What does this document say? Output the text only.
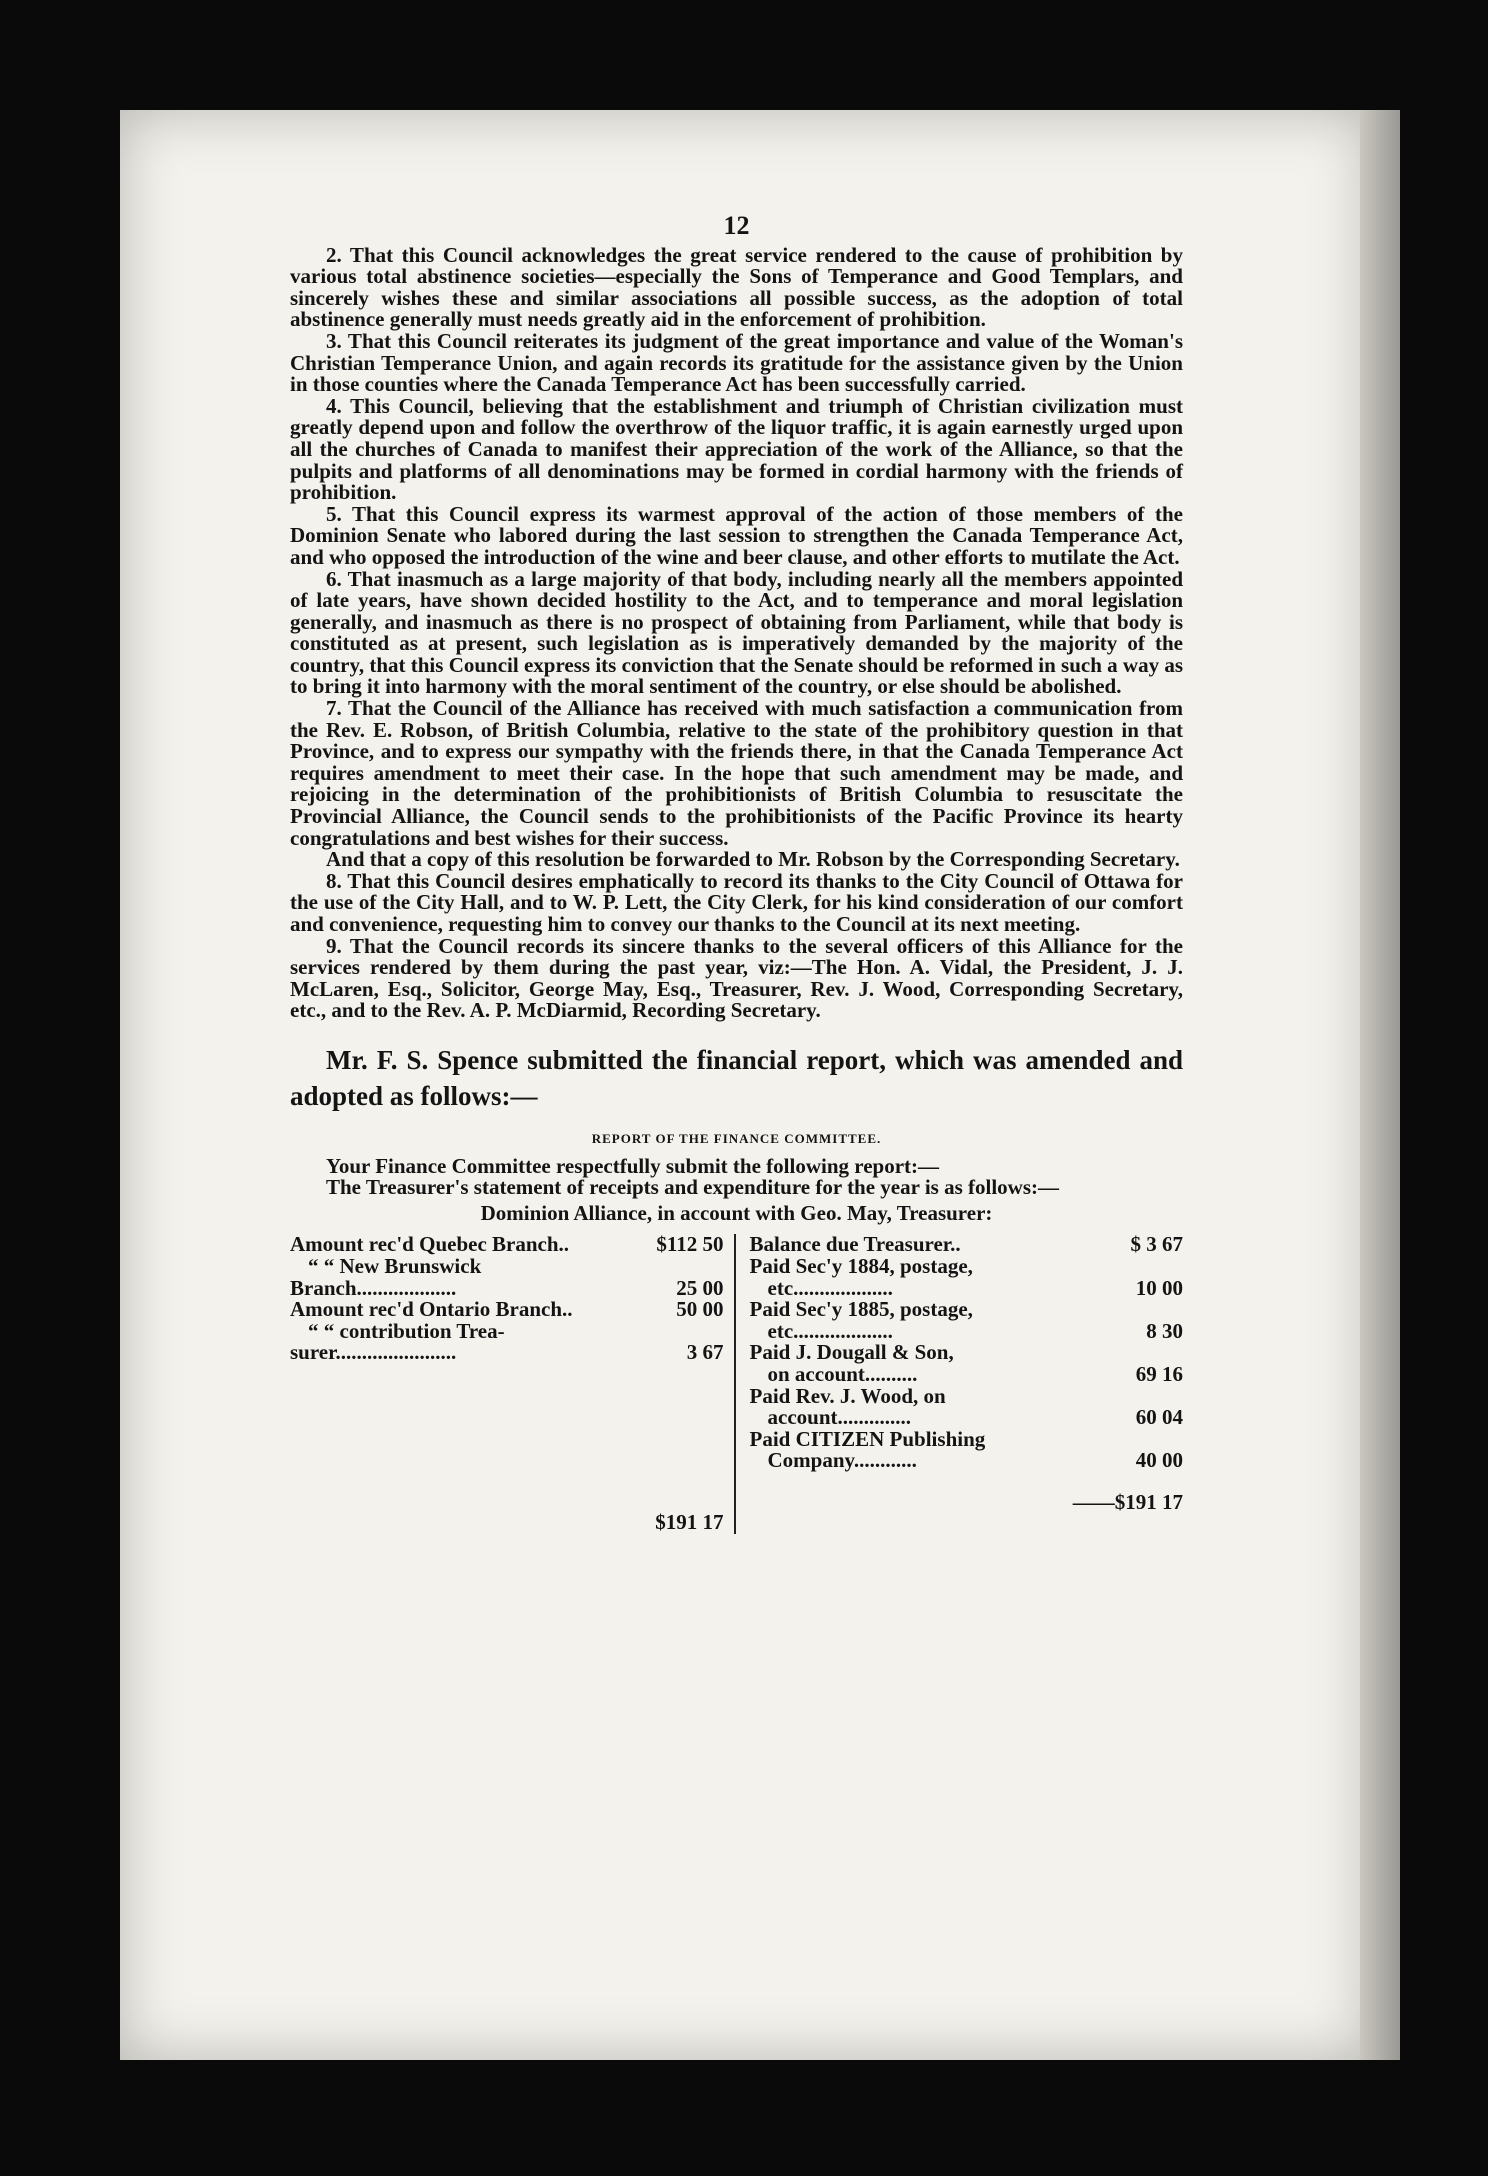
12

2. That this Council acknowledges the great service rendered to the cause of prohibition by various total abstinence societies—especially the Sons of Temperance and Good Templars, and sincerely wishes these and similar associations all possible success, as the adoption of total abstinence generally must needs greatly aid in the enforcement of prohibition.

3. That this Council reiterates its judgment of the great importance and value of the Woman's Christian Temperance Union, and again records its gratitude for the assistance given by the Union in those counties where the Canada Temperance Act has been successfully carried.

4. This Council, believing that the establishment and triumph of Christian civilization must greatly depend upon and follow the overthrow of the liquor traffic, it is again earnestly urged upon all the churches of Canada to manifest their appreciation of the work of the Alliance, so that the pulpits and platforms of all denominations may be formed in cordial harmony with the friends of prohibition.

5. That this Council express its warmest approval of the action of those members of the Dominion Senate who labored during the last session to strengthen the Canada Temperance Act, and who opposed the introduction of the wine and beer clause, and other efforts to mutilate the Act.

6. That inasmuch as a large majority of that body, including nearly all the members appointed of late years, have shown decided hostility to the Act, and to temperance and moral legislation generally, and inasmuch as there is no prospect of obtaining from Parliament, while that body is constituted as at present, such legislation as is imperatively demanded by the majority of the country, that this Council express its conviction that the Senate should be reformed in such a way as to bring it into harmony with the moral sentiment of the country, or else should be abolished.

7. That the Council of the Alliance has received with much satisfaction a communication from the Rev. E. Robson, of British Columbia, relative to the state of the prohibitory question in that Province, and to express our sympathy with the friends there, in that the Canada Temperance Act requires amendment to meet their case. In the hope that such amendment may be made, and rejoicing in the determination of the prohibitionists of British Columbia to resuscitate the Provincial Alliance, the Council sends to the prohibitionists of the Pacific Province its hearty congratulations and best wishes for their success.

And that a copy of this resolution be forwarded to Mr. Robson by the Corresponding Secretary.

8. That this Council desires emphatically to record its thanks to the City Council of Ottawa for the use of the City Hall, and to W. P. Lett, the City Clerk, for his kind consideration of our comfort and convenience, requesting him to convey our thanks to the Council at its next meeting.

9. That the Council records its sincere thanks to the several officers of this Alliance for the services rendered by them during the past year, viz:—The Hon. A. Vidal, the President, J. J. McLaren, Esq., Solicitor, George May, Esq., Treasurer, Rev. J. Wood, Corresponding Secretary, etc., and to the Rev. A. P. McDiarmid, Recording Secretary.

Mr. F. S. Spence submitted the financial report, which was amended and adopted as follows:—

REPORT OF THE FINANCE COMMITTEE.

Your Finance Committee respectfully submit the following report:—

The Treasurer's statement of receipts and expenditure for the year is as follows:—

Dominion Alliance, in account with Geo. May, Treasurer:
Amount rec'd Quebec Branch..	$112 50
“ “ New Brunswick
Branch...................	25 00
Amount rec'd Ontario Branch..	50 00
“ “ contribution Trea-
surer.......................	3 67
$191 17
Balance due Treasurer..	$ 3 67
Paid Sec'y 1884, postage,
etc...................	10 00
Paid Sec'y 1885, postage,
etc...................	8 30
Paid J. Dougall & Son,
on account..........	69 16
Paid Rev. J. Wood, on
account..............	60 04
Paid CITIZEN Publishing
Company............	40 00
——$191 17
